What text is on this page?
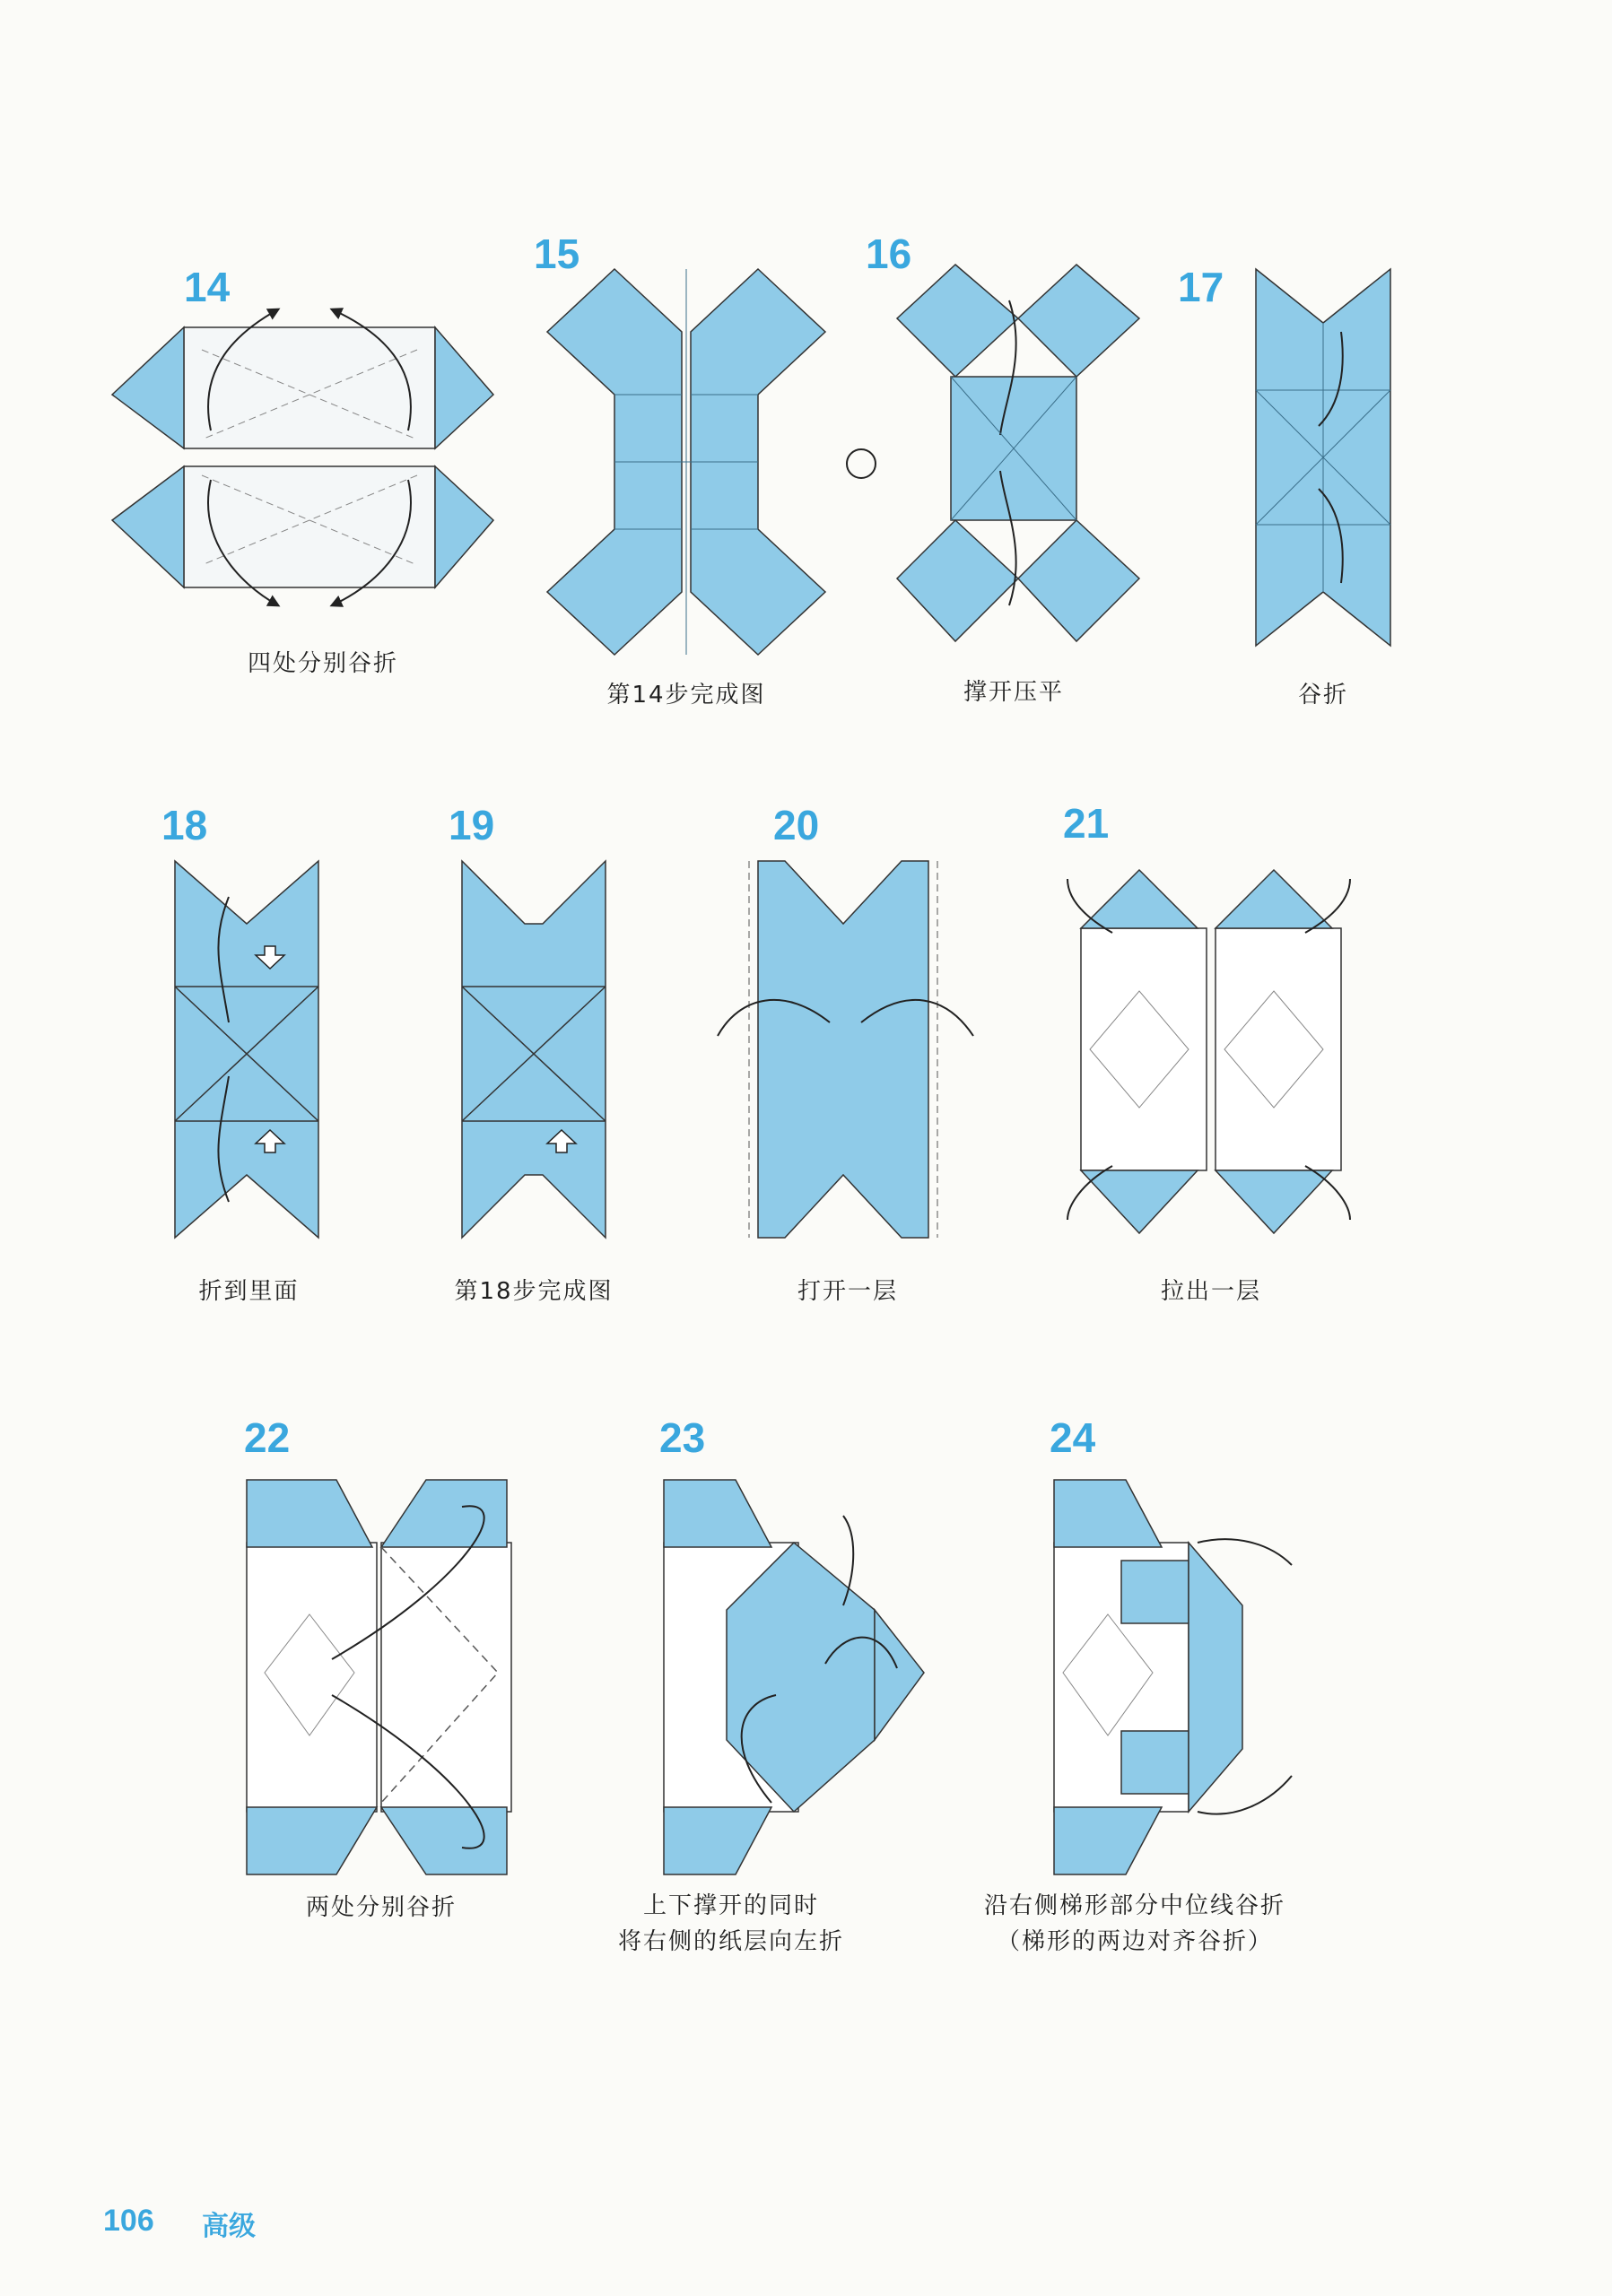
14
四处分别谷折
15
第14步完成图
16
撑开压平
17
谷折
18
折到里面
19
第18步完成图
20
打开一层
21
拉出一层
22
两处分别谷折
23
上下撑开的同时
将右侧的纸层向左折
24
沿右侧梯形部分中位线谷折
（梯形的两边对齐谷折）
106 高级
